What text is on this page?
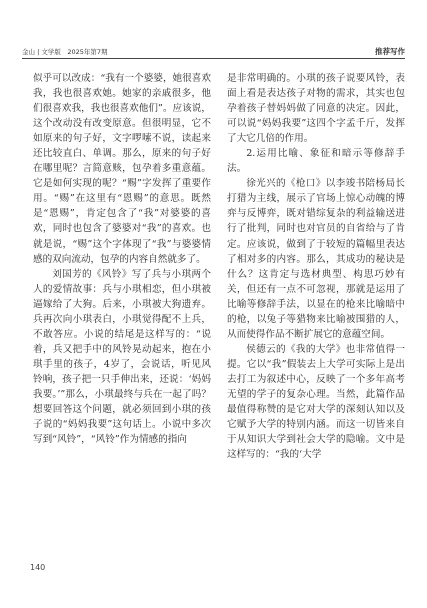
金山 | 文学版　2025年第7期	推荐写作

似乎可以改成：“我有一个婆婆，她很喜欢我，我也很喜欢她。她家的亲戚很多，他们很喜欢我，我也很喜欢他们”。应该说，这个改动没有改变原意。但很明显，它不如原来的句子好，文字啰嗦不说，读起来还比较直白、单调。那么，原来的句子好在哪里呢？言简意赅，包孕着多重意蕴。它是如何实现的呢？“赐”字发挥了重要作用。“赐”在这里有“恩赐”的意思。既然是“恩赐”，肯定包含了“我”对婆婆的喜欢，同时也包含了婆婆对“我”的喜欢。也就是说，“赐”这个字体现了“我”与婆婆情感的双向流动，包孕的内容自然就多了。

刘国芳的《风铃》写了兵与小琪两个人的爱情故事：兵与小琪相恋，但小琪被逼嫁给了大狗。后来，小琪被大狗遗弃。兵再次向小琪表白，小琪觉得配不上兵，不敢答应。小说的结尾是这样写的：“说着，兵又把手中的风铃晃动起来，抱在小琪手里的孩子，4岁了，会说话，听见风铃响，孩子把一只手伸出来，还说：‘妈妈我要。’”那么，小琪最终与兵在一起了吗？想要回答这个问题，就必须回到小琪的孩子说的“妈妈我要”这句话上。小说中多次写到“风铃”，“风铃”作为情感的指向

是非常明确的。小琪的孩子说要风铃，表面上看是表达孩子对物的需求，其实也包孕着孩子替妈妈做了同意的决定。因此，可以说“妈妈我要”这四个字孟千斤，发挥了大它几倍的作用。

2.运用比喻、象征和暗示等修辞手法。

徐光兴的《枪口》以李竣书陪杨局长打猎为主线，展示了官场上惊心动魄的博弈与反博弈，既对错综复杂的利益输送进行了批判，同时也对官员的自省给与了肯定。应该说，做到了于较短的篇幅里表达了相对多的内容。那么，其成功的秘诀是什么？这肯定与选材典型、构思巧妙有关，但还有一点不可忽视，那就是运用了比喻等修辞手法，以显在的枪来比喻暗中的枪，以兔子等猎物来比喻被围猎的人，从而使得作品不断扩展它的意蕴空间。

侯德云的《我的大学》也非常值得一提。它以“我”假装去上大学可实际上是出去打工为叙述中心，反映了一个多年高考无望的学子的复杂心理。当然，此篇作品最值得称赞的是它对大学的深刻认知以及它赋予大学的特别内涵。而这一切皆来自于从知识大学到社会大学的隐喻。文中是这样写的：“我的‘大学

140
